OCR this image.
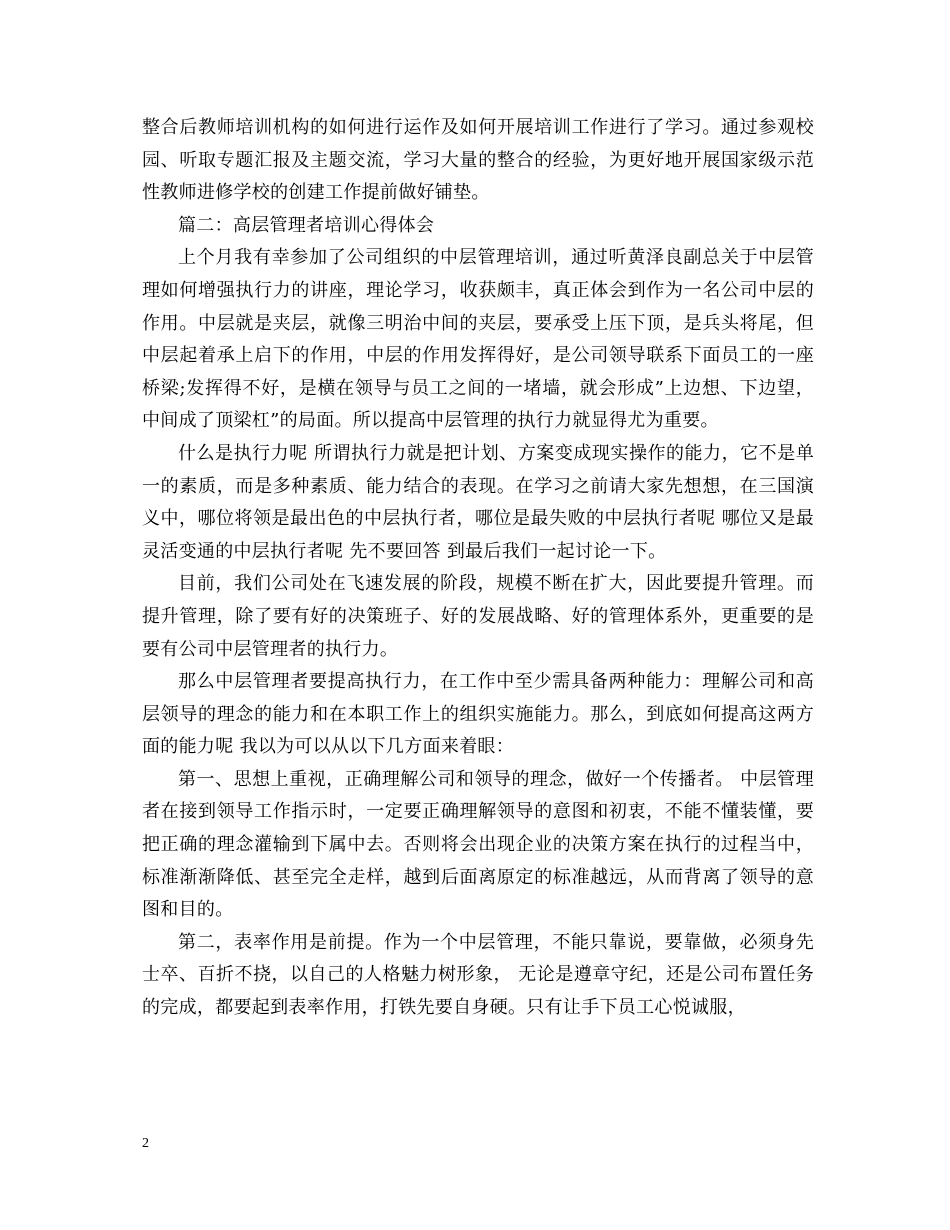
整合后教师培训机构的如何进行运作及如何开展培训工作进行了学习。通过参观校园、听取专题汇报及主题交流，学习大量的整合的经验，为更好地开展国家级示范性教师进修学校的创建工作提前做好铺垫。

篇二：高层管理者培训心得体会

上个月我有幸参加了公司组织的中层管理培训，通过听黄泽良副总关于中层管理如何增强执行力的讲座，理论学习，收获颇丰，真正体会到作为一名公司中层的作用。中层就是夹层，就像三明治中间的夹层，要承受上压下顶，是兵头将尾，但中层起着承上启下的作用，中层的作用发挥得好，是公司领导联系下面员工的一座桥梁;发挥得不好，是横在领导与员工之间的一堵墙，就会形成”上边想、下边望，中间成了顶梁杠”的局面。所以提高中层管理的执行力就显得尤为重要。

什么是执行力呢 所谓执行力就是把计划、方案变成现实操作的能力，它不是单一的素质，而是多种素质、能力结合的表现。在学习之前请大家先想想，在三国演义中，哪位将领是最出色的中层执行者，哪位是最失败的中层执行者呢 哪位又是最灵活变通的中层执行者呢 先不要回答 到最后我们一起讨论一下。

目前，我们公司处在飞速发展的阶段，规模不断在扩大，因此要提升管理。而提升管理，除了要有好的决策班子、好的发展战略、好的管理体系外，更重要的是要有公司中层管理者的执行力。

那么中层管理者要提高执行力，在工作中至少需具备两种能力：理解公司和高层领导的理念的能力和在本职工作上的组织实施能力。那么，到底如何提高这两方面的能力呢 我以为可以从以下几方面来着眼：

第一、思想上重视，正确理解公司和领导的理念，做好一个传播者。 中层管理者在接到领导工作指示时，一定要正确理解领导的意图和初衷，不能不懂装懂，要把正确的理念灌输到下属中去。否则将会出现企业的决策方案在执行的过程当中，标准渐渐降低、甚至完全走样，越到后面离原定的标准越远，从而背离了领导的意图和目的。

第二，表率作用是前提。作为一个中层管理，不能只靠说，要靠做，必须身先士卒、百折不挠，以自己的人格魅力树形象， 无论是遵章守纪，还是公司布置任务的完成，都要起到表率作用，打铁先要自身硬。只有让手下员工心悦诚服，

2
